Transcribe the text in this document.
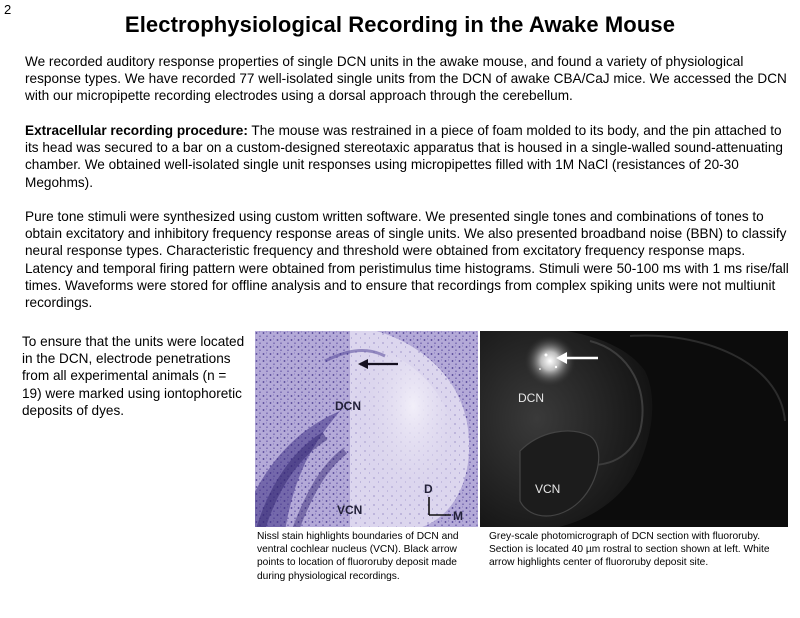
2
Electrophysiological Recording in the Awake Mouse

We recorded auditory response properties of single DCN units in the awake mouse, and found a variety of physiological response types. We have recorded 77 well-isolated single units from the DCN of awake CBA/CaJ mice. We accessed the DCN with our micropipette recording electrodes using a dorsal approach through the cerebellum.

Extracellular recording procedure: The mouse was restrained in a piece of foam molded to its body, and the pin attached to its head was secured to a bar on a custom-designed stereotaxic apparatus that is housed in a single-walled sound-attenuating chamber. We obtained well-isolated single unit responses using micropipettes filled with 1M NaCl (resistances of 20-30 Megohms).

Pure tone stimuli were synthesized using custom written software. We presented single tones and combinations of tones to obtain excitatory and inhibitory frequency response areas of single units. We also presented broadband noise (BBN) to classify neural response types. Characteristic frequency and threshold were obtained from excitatory frequency response maps. Latency and temporal firing pattern were obtained from peristimulus time histograms. Stimuli were 50-100 ms with 1 ms rise/fall times. Waveforms were stored for offline analysis and to ensure that recordings from complex spiking units were not multiunit recordings.

To ensure that the units were located in the DCN, electrode penetrations from all experimental animals (n = 19) were marked using iontophoretic deposits of dyes.	DCN
VCN
D
M
DCN
VCN

Nissl stain highlights boundaries of DCN and ventral cochlear nucleus (VCN). Black arrow points to location of fluororuby deposit made during physiological recordings.

Grey-scale photomicrograph of DCN section with fluororuby. Section is located 40 µm rostral to section shown at left. White arrow highlights center of fluororuby deposit site.
